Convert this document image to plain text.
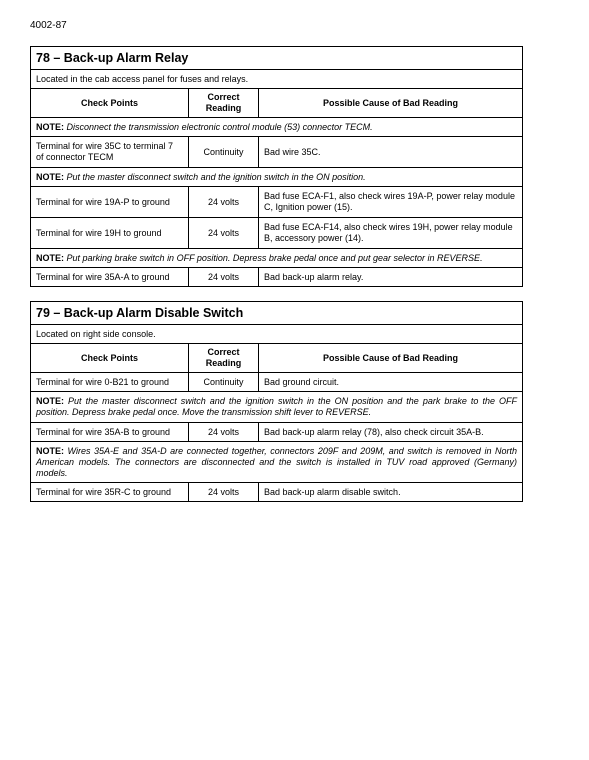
4002-87
78 – Back-up Alarm Relay		
Located in the cab access panel for fuses and relays.		
Check Points	Correct Reading	Possible Cause of Bad Reading
NOTE: Disconnect the transmission electronic control module (53) connector TECM.		
Terminal for wire 35C to terminal 7 of connector TECM	Continuity	Bad wire 35C.
NOTE: Put the master disconnect switch and the ignition switch in the ON position.		
Terminal for wire 19A-P to ground	24 volts	Bad fuse ECA-F1, also check wires 19A-P, power relay module C, Ignition power (15).
Terminal for wire 19H to ground	24 volts	Bad fuse ECA-F14, also check wires 19H, power relay module B, accessory power (14).
NOTE: Put parking brake switch in OFF position. Depress brake pedal once and put gear selector in REVERSE.		
Terminal for wire 35A-A to ground	24 volts	Bad back-up alarm relay.
79 – Back-up Alarm Disable Switch		
Located on right side console.		
Check Points	Correct Reading	Possible Cause of Bad Reading
Terminal for wire 0-B21 to ground	Continuity	Bad ground circuit.
NOTE: Put the master disconnect switch and the ignition switch in the ON position and the park brake to the OFF position. Depress brake pedal once. Move the transmission shift lever to REVERSE.		
Terminal for wire 35A-B to ground	24 volts	Bad back-up alarm relay (78), also check circuit 35A-B.
NOTE: Wires 35A-E and 35A-D are connected together, connectors 209F and 209M, and switch is removed in North American models. The connectors are disconnected and the switch is installed in TUV road approved (Germany) models.		
Terminal for wire 35R-C to ground	24 volts	Bad back-up alarm disable switch.
